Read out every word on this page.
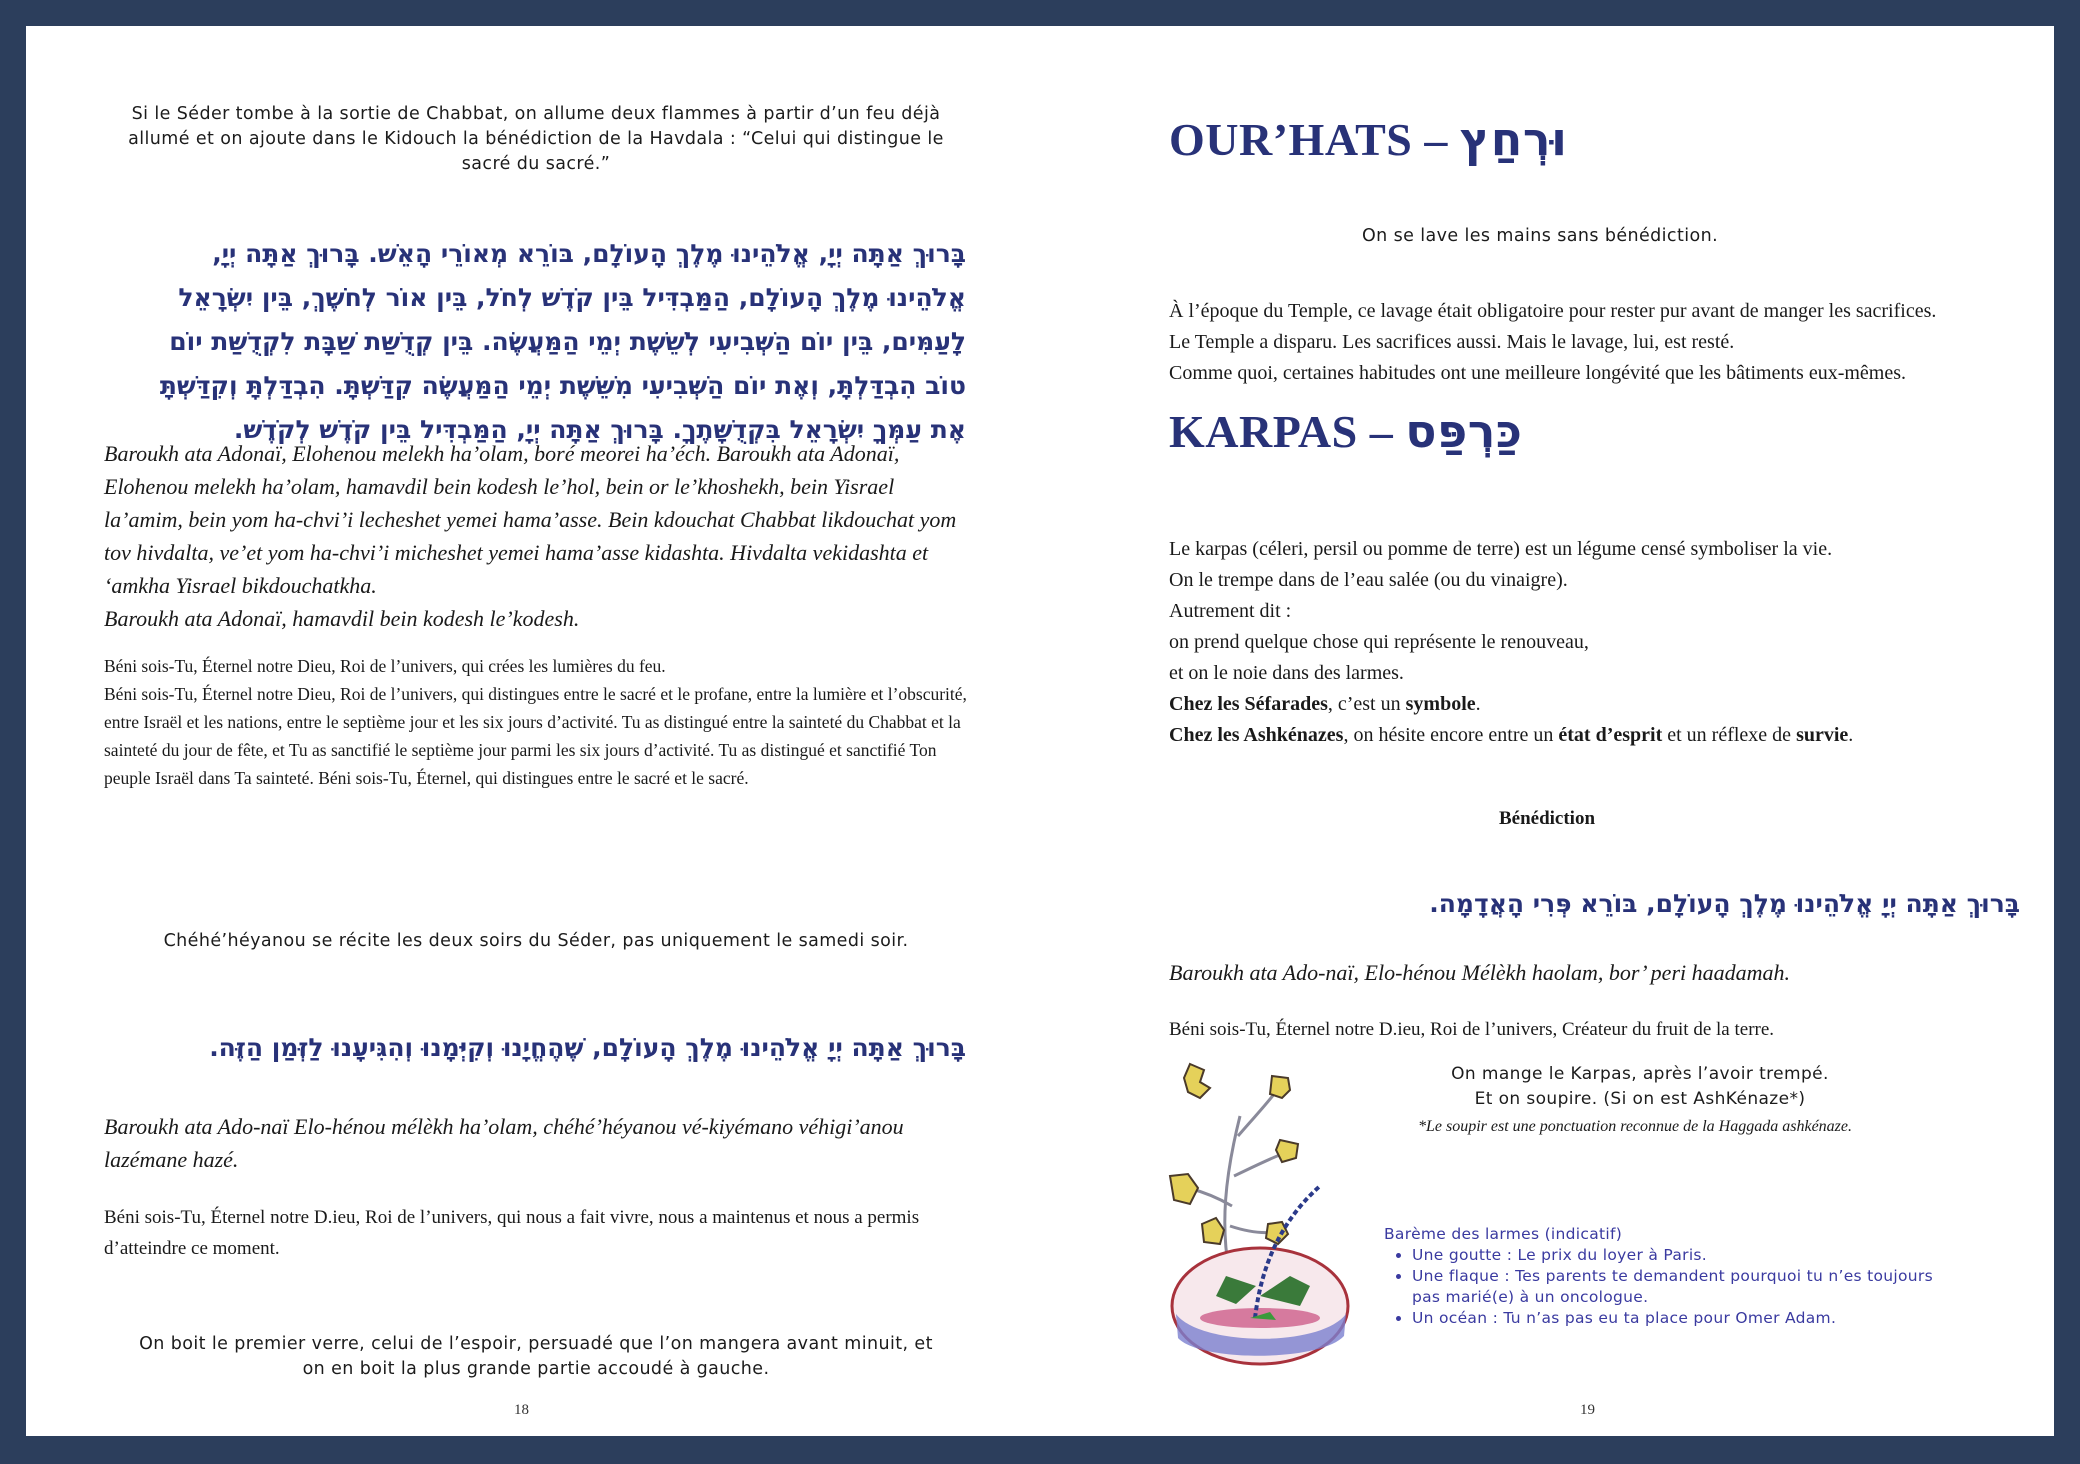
Si le Séder tombe à la sortie de Chabbat, on allume deux flammes à partir d’un feu déjà allumé et on ajoute dans le Kidouch la bénédiction de la Havdala : “Celui qui distingue le sacré du sacré.”
בָּרוּךְ אַתָּה יְיָ, אֱלֹהֵינוּ מֶלֶךְ הָעוֹלָם, בּוֹרֵא מְאוֹרֵי הָאֵשׁ. בָּרוּךְ אַתָּה יְיָ, אֱלֹהֵינוּ מֶלֶךְ הָעוֹלָם, הַמַּבְדִּיל בֵּין קֹדֶשׁ לְחֹל, בֵּין אוֹר לְחֹשֶׁךְ, בֵּין יִשְׂרָאֵל לָעַמִּים, בֵּין יוֹם הַשְּׁבִיעִי לְשֵׁשֶׁת יְמֵי הַמַּעֲשֶׂה. בֵּין קְדֻשַּׁת שַׁבָּת לִקְדֻשַּׁת יוֹם טוֹב הִבְדַּלְתָּ, וְאֶת יוֹם הַשְּׁבִיעִי מִשֵּׁשֶׁת יְמֵי הַמַּעֲשֶׂה קִדַּשְׁתָּ. הִבְדַּלְתָּ וְקִדַּשְׁתָּ אֶת עַמְּךָ יִשְׂרָאֵל בִּקְדֻשָּׁתֶךָ. בָּרוּךְ אַתָּה יְיָ, הַמַּבְדִּיל בֵּין קֹדֶשׁ לְקֹדֶשׁ.
Baroukh ata Adonaï, Elohenou melekh ha’olam, boré meorei ha’éch. Baroukh ata Adonaï, Elohenou melekh ha’olam, hamavdil bein kodesh le’hol, bein or le’khoshekh, bein Yisrael la’amim, bein yom ha-chvi’i lecheshet yemei hama’asse. Bein kdouchat Chabbat likdouchat yom tov hivdalta, ve’et yom ha-chvi’i micheshet yemei hama’asse kidashta. Hivdalta vekidashta et ‘amkha Yisrael bikdouchatkha.
Baroukh ata Adonaï, hamavdil bein kodesh le’kodesh.
Béni sois-Tu, Éternel notre Dieu, Roi de l’univers, qui crées les lumières du feu.
Béni sois-Tu, Éternel notre Dieu, Roi de l’univers, qui distingues entre le sacré et le profane, entre la lumière et l’obscurité, entre Israël et les nations, entre le septième jour et les six jours d’activité. Tu as distingué entre la sainteté du Chabbat et la sainteté du jour de fête, et Tu as sanctifié le septième jour parmi les six jours d’activité. Tu as distingué et sanctifié Ton peuple Israël dans Ta sainteté. Béni sois-Tu, Éternel, qui distingues entre le sacré et le sacré.
Chéhé’héyanou se récite les deux soirs du Séder, pas uniquement le samedi soir.
בָּרוּךְ אַתָּה יְיָ אֱלֹהֵינוּ מֶלֶךְ הָעוֹלָם, שֶׁהֶחֱיָנוּ וְקִיְּמָנוּ וְהִגִּיעָנוּ לַזְּמַן הַזֶּה.
Baroukh ata Ado-naï Elo-hénou mélèkh ha’olam, chéhé’héyanou vé-kiyémano véhigi’anou lazémane hazé.
Béni sois-Tu, Éternel notre D.ieu, Roi de l’univers, qui nous a fait vivre, nous a maintenus et nous a permis d’atteindre ce moment.
On boit le premier verre, celui de l’espoir, persuadé que l’on mangera avant minuit, et on en boit la plus grande partie accoudé à gauche.
18
OUR’HATS – וּרְחַץ
On se lave les mains sans bénédiction.
À l’époque du Temple, ce lavage était obligatoire pour rester pur avant de manger les sacrifices.
Le Temple a disparu. Les sacrifices aussi. Mais le lavage, lui, est resté.
Comme quoi, certaines habitudes ont une meilleure longévité que les bâtiments eux-mêmes.
KARPAS – כַּרְפַּס
Le karpas (céleri, persil ou pomme de terre) est un légume censé symboliser la vie.
On le trempe dans de l’eau salée (ou du vinaigre).
Autrement dit :
on prend quelque chose qui représente le renouveau,
et on le noie dans des larmes.
Chez les Séfarades, c’est un symbole.
Chez les Ashkénazes, on hésite encore entre un état d’esprit et un réflexe de survie.
Bénédiction
בָּרוּךְ אַתָּה יְיָ אֱלֹהֵינוּ מֶלֶךְ הָעוֹלָם, בּוֹרֵא פְּרִי הָאֲדָמָה.
Baroukh ata Ado-naï, Elo-hénou Mélèkh haolam, bor’ peri haadamah.
Béni sois-Tu, Éternel notre D.ieu, Roi de l’univers, Créateur du fruit de la terre.
On mange le Karpas, après l’avoir trempé.
Et on soupire. (Si on est AshKénaze*)
*Le soupir est une ponctuation reconnue de la Haggada ashkénaze.
Barème des larmes (indicatif)
• Une goutte : Le prix du loyer à Paris.
• Une flaque : Tes parents te demandent pourquoi tu n’es toujours pas marié(e) à un oncologue.
• Un océan : Tu n’as pas eu ta place pour Omer Adam.
19
